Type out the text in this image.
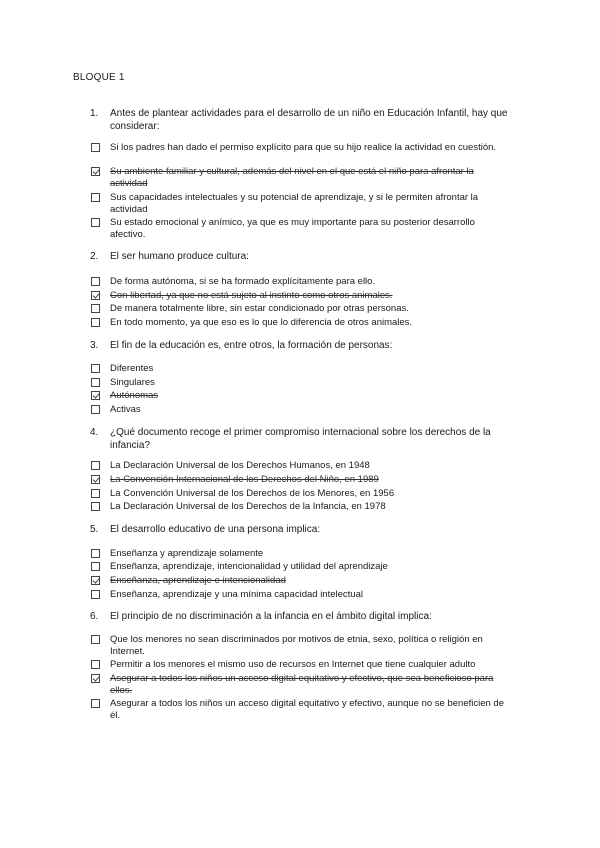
BLOQUE 1
1. Antes de plantear actividades para el desarrollo de un niño en Educación Infantil, hay que considerar:
Si los padres han dado el permiso explícito para que su hijo realice la actividad en cuestión.
Su ambiente familiar y cultural, además del nivel en el que está el niño para afrontar la actividad
Sus capacidades intelectuales y su potencial de aprendizaje, y si le permiten afrontar la actividad
Su estado emocional y anímico, ya que es muy importante para su posterior desarrollo afectivo.
2. El ser humano produce cultura:
De forma autónoma, si se ha formado explícitamente para ello.
Con libertad, ya que no está sujeto al instinto como otros animales.
De manera totalmente libre, sin estar condicionado por otras personas.
En todo momento, ya que eso es lo que lo diferencia de otros animales.
3. El fin de la educación es, entre otros, la formación de personas:
Diferentes
Singulares
Autónomas
Activas
4. ¿Qué documento recoge el primer compromiso internacional sobre los derechos de la infancia?
La Declaración Universal de los Derechos Humanos, en 1948
La Convención Internacional de los Derechos del Niño, en 1989
La Convención Universal de los Derechos de los Menores, en 1956
La Declaración Universal de los Derechos de la Infancia, en 1978
5. El desarrollo educativo de una persona implica:
Enseñanza y aprendizaje solamente
Enseñanza, aprendizaje, intencionalidad y utilidad del aprendizaje
Enseñanza, aprendizaje e intencionalidad
Enseñanza, aprendizaje y una mínima capacidad intelectual
6. El principio de no discriminación a la infancia en el ámbito digital implica:
Que los menores no sean discriminados por motivos de etnia, sexo, política o religión en Internet.
Permitir a los menores el mismo uso de recursos en Internet que tiene cualquier adulto
Asegurar a todos los niños un acceso digital equitativo y efectivo, que sea beneficioso para ellos.
Asegurar a todos los niños un acceso digital equitativo y efectivo, aunque no se beneficien de él.
